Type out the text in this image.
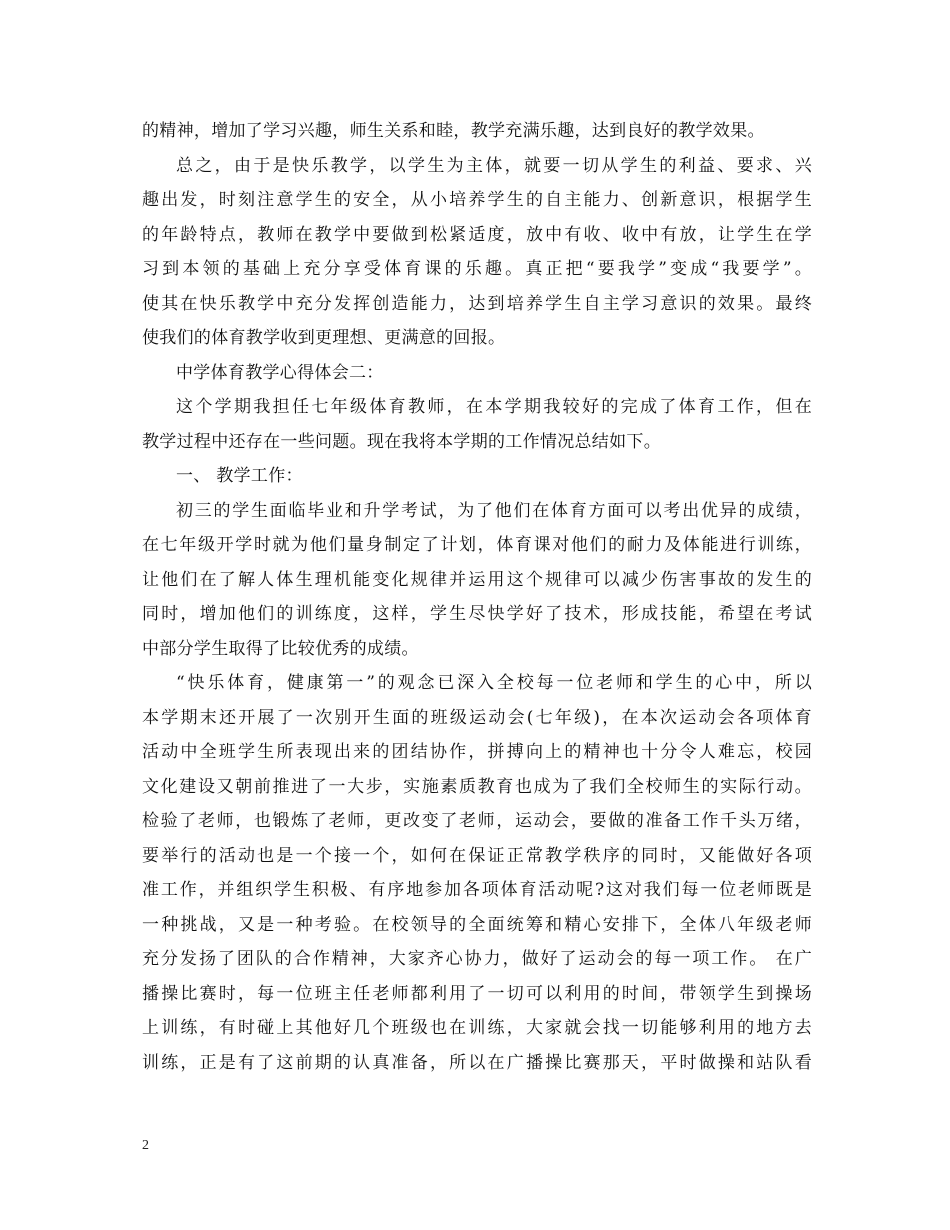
的精神，增加了学习兴趣，师生关系和睦，教学充满乐趣，达到良好的教学效果。
总之，由于是快乐教学，以学生为主体，就要一切从学生的利益、要求、兴
趣出发，时刻注意学生的安全，从小培养学生的自主能力、创新意识，根据学生
的年龄特点，教师在教学中要做到松紧适度，放中有收、收中有放，让学生在学
习到本领的基础上充分享受体育课的乐趣。真正把“要我学”变成“我要学”。
使其在快乐教学中充分发挥创造能力，达到培养学生自主学习意识的效果。最终
使我们的体育教学收到更理想、更满意的回报。
中学体育教学心得体会二：
这个学期我担任七年级体育教师，在本学期我较好的完成了体育工作，但在
教学过程中还存在一些问题。现在我将本学期的工作情况总结如下。
一、 教学工作：
初三的学生面临毕业和升学考试，为了他们在体育方面可以考出优异的成绩，
在七年级开学时就为他们量身制定了计划，体育课对他们的耐力及体能进行训练，
让他们在了解人体生理机能变化规律并运用这个规律可以减少伤害事故的发生的
同时，增加他们的训练度，这样，学生尽快学好了技术，形成技能，希望在考试
中部分学生取得了比较优秀的成绩。
“快乐体育，健康第一”的观念已深入全校每一位老师和学生的心中，所以
本学期末还开展了一次别开生面的班级运动会(七年级)，在本次运动会各项体育
活动中全班学生所表现出来的团结协作，拼搏向上的精神也十分令人难忘，校园
文化建设又朝前推进了一大步，实施素质教育也成为了我们全校师生的实际行动。
检验了老师，也锻炼了老师，更改变了老师，运动会，要做的准备工作千头万绪，
要举行的活动也是一个接一个，如何在保证正常教学秩序的同时，又能做好各项
准工作，并组织学生积极、有序地参加各项体育活动呢?这对我们每一位老师既是
一种挑战，又是一种考验。在校领导的全面统筹和精心安排下，全体八年级老师
充分发扬了团队的合作精神，大家齐心协力，做好了运动会的每一项工作。 在广
播操比赛时，每一位班主任老师都利用了一切可以利用的时间，带领学生到操场
上训练，有时碰上其他好几个班级也在训练，大家就会找一切能够利用的地方去
训练，正是有了这前期的认真准备，所以在广播操比赛那天，平时做操和站队看
2
